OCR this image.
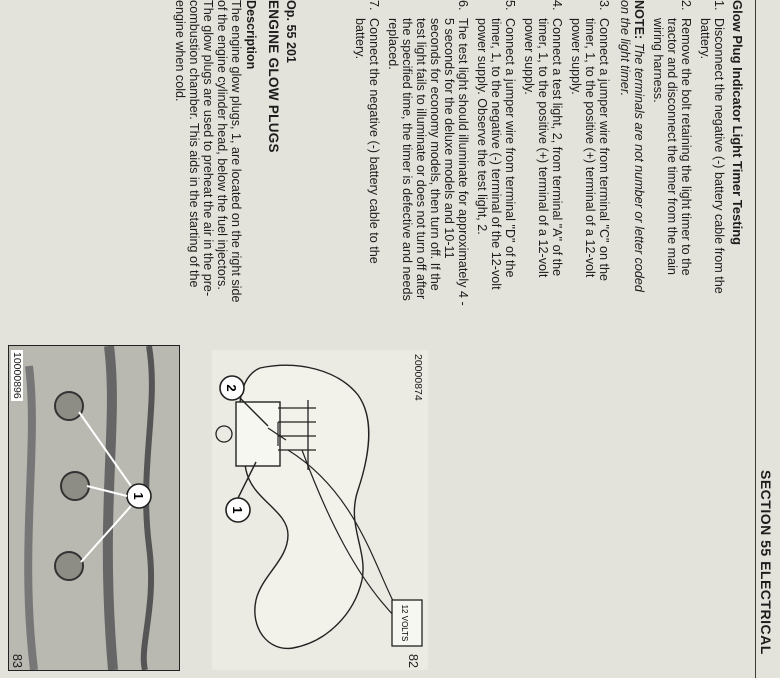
SECTION 55 ELECTRICAL
Glow Plug Indicator Light Timer Testing
1.
Disconnect the negative (-) battery cable from the battery.
2.
Remove the bolt retaining the light timer to the tractor and disconnect the timer from the main wiring harness.
NOTE: The terminals are not number or letter coded on the light timer.
3.
Connect a jumper wire from terminal "C" on the timer, 1, to the positive (+) terminal of a 12-volt power supply.
4.
Connect a test light, 2, from terminal "A" of the timer, 1, to the positive (+) terminal of a 12-volt power supply.
5.
Connect a jumper wire from terminal "D" of the timer, 1, to the negative (-) terminal of the 12-volt power supply. Observe the test light, 2.
6.
The test light should illuminate for approximately 4 - 5 seconds for the deluxe models and 10-11 seconds for economy models, then turn off. If the test light fails to illuminate or does not turn off after the specified time, the timer is defective and needs replaced.
7.
Connect the negative (-) battery cable to the battery.
Op. 55 201
ENGINE GLOW PLUGS
Description
The engine glow plugs, 1, are located on the right side of the engine cylinder head, below the fuel injectors. The glow plugs are used to preheat the air in the pre-combustion chamber. This aids in the starting of the engine when cold.
12 VOLTS
1
2	20000874
82
1
10000896
83
